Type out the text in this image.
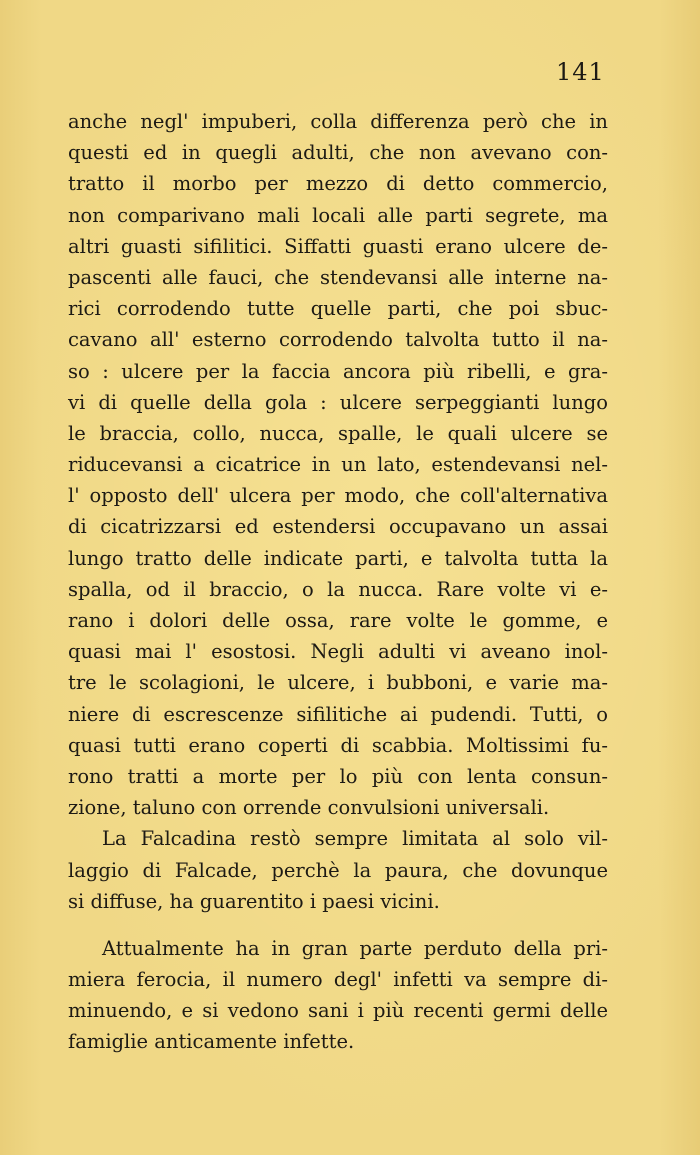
141
anche negl' impuberi, colla differenza però che in
questi ed in quegli adulti, che non avevano con-
tratto il morbo per mezzo di detto commercio,
non comparivano mali locali alle parti segrete, ma
altri guasti sifilitici. Siffatti guasti erano ulcere de-
pascenti alle fauci, che stendevansi alle interne na-
rici corrodendo tutte quelle parti, che poi sbuc-
cavano all' esterno corrodendo talvolta tutto il na-
so : ulcere per la faccia ancora più ribelli, e gra-
vi di quelle della gola : ulcere serpeggianti lungo
le braccia, collo, nucca, spalle, le quali ulcere se
riducevansi a cicatrice in un lato, estendevansi nel-
l' opposto dell' ulcera per modo, che coll'alternativa
di cicatrizzarsi ed estendersi occupavano un assai
lungo tratto delle indicate parti, e talvolta tutta la
spalla, od il braccio, o la nucca. Rare volte vi e-
rano i dolori delle ossa, rare volte le gomme, e
quasi mai l' esostosi. Negli adulti vi aveano inol-
tre le scolagioni, le ulcere, i bubboni, e varie ma-
niere di escrescenze sifilitiche ai pudendi. Tutti, o
quasi tutti erano coperti di scabbia. Moltissimi fu-
rono tratti a morte per lo più con lenta consun-
zione, taluno con orrende convulsioni universali.
La Falcadina restò sempre limitata al solo vil-
laggio di Falcade, perchè la paura, che dovunque
si diffuse, ha guarentito i paesi vicini.
Attualmente ha in gran parte perduto della pri-
miera ferocia, il numero degl' infetti va sempre di-
minuendo, e si vedono sani i più recenti germi delle
famiglie anticamente infette.
